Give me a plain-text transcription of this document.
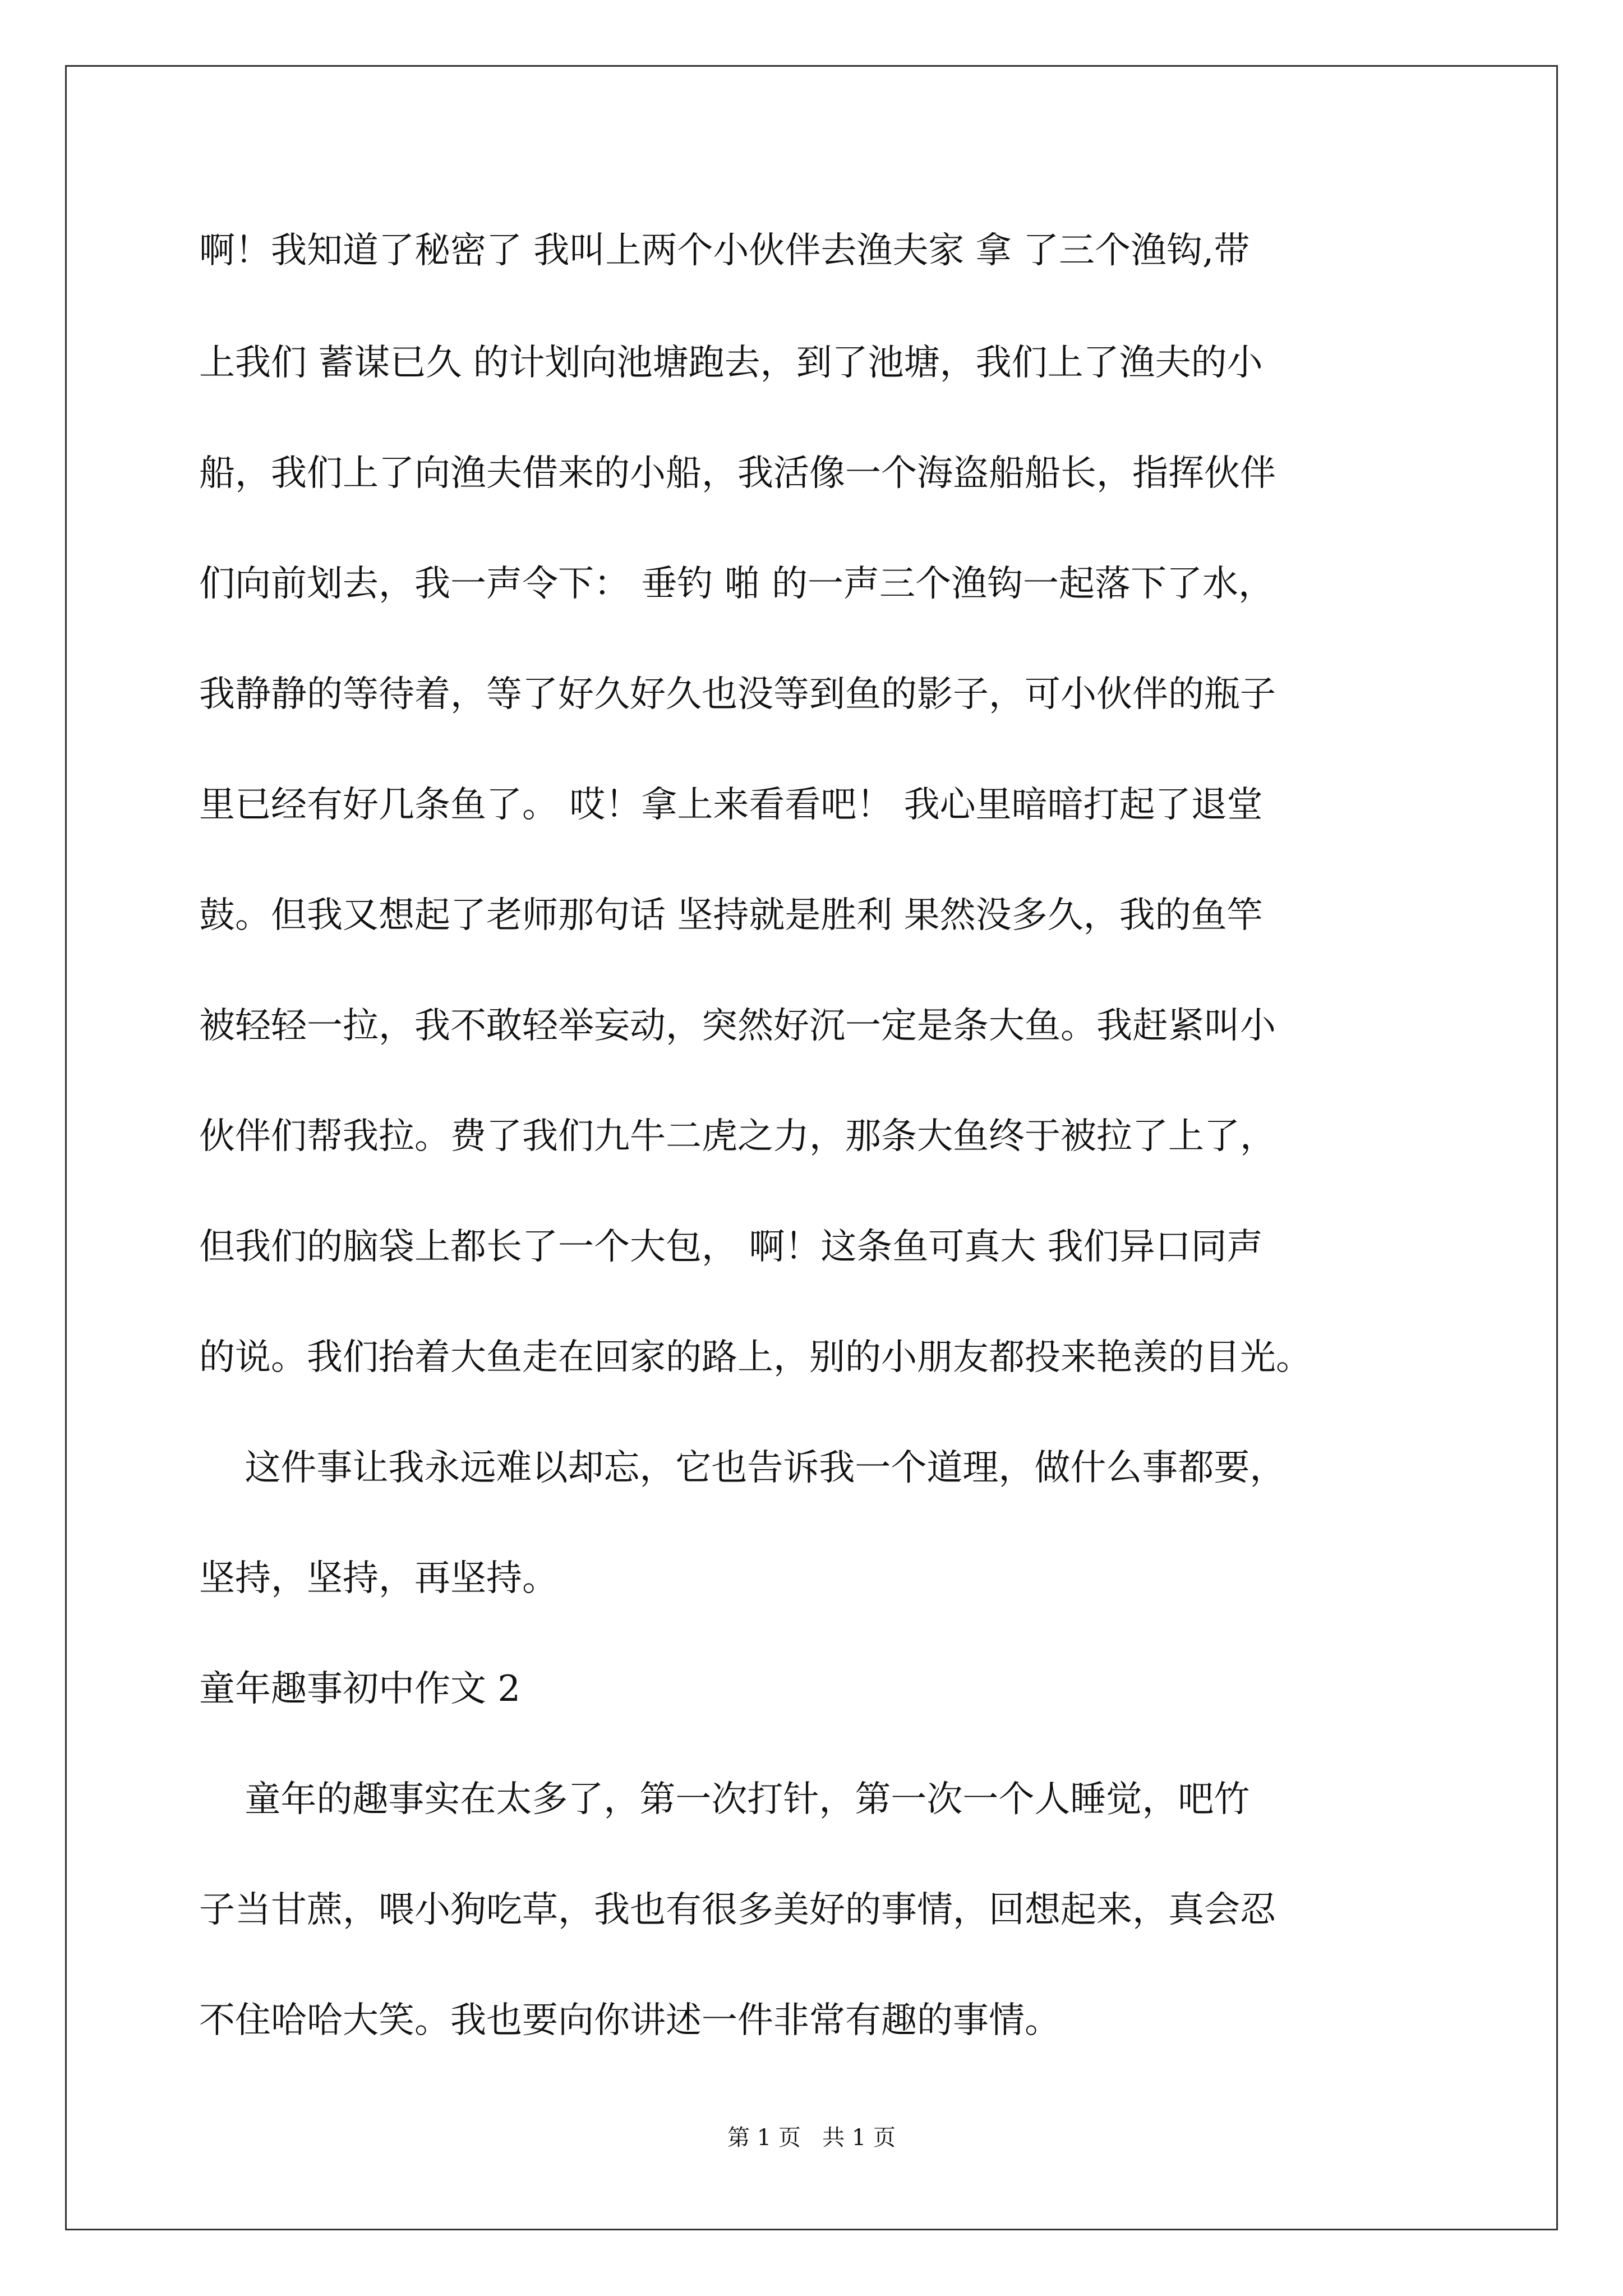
啊！我知道了秘密了 我叫上两个小伙伴去渔夫家 拿 了三个渔钩,带
上我们 蓄谋已久 的计划向池塘跑去，到了池塘，我们上了渔夫的小
船，我们上了向渔夫借来的小船，我活像一个海盗船船长，指挥伙伴
们向前划去，我一声令下： 垂钓 啪 的一声三个渔钩一起落下了水，
我静静的等待着，等了好久好久也没等到鱼的影子，可小伙伴的瓶子
里已经有好几条鱼了。 哎！拿上来看看吧！ 我心里暗暗打起了退堂
鼓。但我又想起了老师那句话 坚持就是胜利 果然没多久，我的鱼竿
被轻轻一拉，我不敢轻举妄动，突然好沉一定是条大鱼。我赶紧叫小
伙伴们帮我拉。费了我们九牛二虎之力，那条大鱼终于被拉了上了，
但我们的脑袋上都长了一个大包， 啊！这条鱼可真大 我们异口同声
的说。我们抬着大鱼走在回家的路上，别的小朋友都投来艳羡的目光。
这件事让我永远难以却忘，它也告诉我一个道理，做什么事都要，
坚持，坚持，再坚持。
童年趣事初中作文 2
童年的趣事实在太多了，第一次打针，第一次一个人睡觉，吧竹
子当甘蔗，喂小狗吃草，我也有很多美好的事情，回想起来，真会忍
不住哈哈大笑。我也要向你讲述一件非常有趣的事情。
第 1 页   共 1 页
